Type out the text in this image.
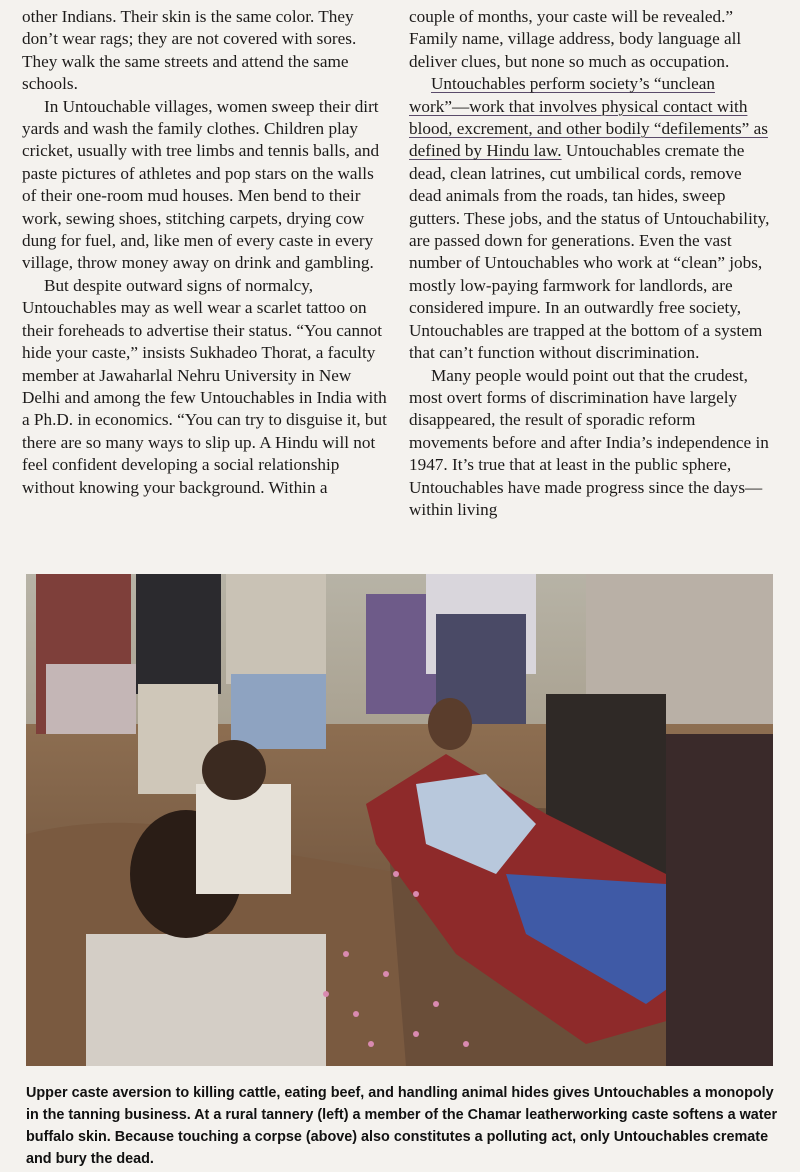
other Indians. Their skin is the same color. They don’t wear rags; they are not covered with sores. They walk the same streets and attend the same schools.

In Untouchable villages, women sweep their dirt yards and wash the family clothes. Children play cricket, usually with tree limbs and tennis balls, and paste pictures of athletes and pop stars on the walls of their one-room mud houses. Men bend to their work, sewing shoes, stitching carpets, drying cow dung for fuel, and, like men of every caste in every village, throw money away on drink and gambling.

But despite outward signs of normalcy, Untouchables may as well wear a scarlet tattoo on their foreheads to advertise their status. “You cannot hide your caste,” insists Sukhadeo Thorat, a faculty member at Jawaharlal Nehru University in New Delhi and among the few Untouchables in India with a Ph.D. in economics. “You can try to disguise it, but there are so many ways to slip up. A Hindu will not feel confident developing a social relationship without knowing your background. Within a

couple of months, your caste will be revealed.” Family name, village address, body language all deliver clues, but none so much as occupation.

Untouchables perform society’s “unclean work”—work that involves physical contact with blood, excrement, and other bodily “defilements” as defined by Hindu law. Untouchables cremate the dead, clean latrines, cut umbilical cords, remove dead animals from the roads, tan hides, sweep gutters. These jobs, and the status of Untouchability, are passed down for generations. Even the vast number of Untouchables who work at “clean” jobs, mostly low-paying farmwork for landlords, are considered impure. In an outwardly free society, Untouchables are trapped at the bottom of a system that can’t function without discrimination.

Many people would point out that the crudest, most overt forms of discrimination have largely disappeared, the result of sporadic reform movements before and after India’s independence in 1947. It’s true that at least in the public sphere, Untouchables have made progress since the days—within living

Upper caste aversion to killing cattle, eating beef, and handling animal hides gives Untouchables a monopoly in the tanning business. At a rural tannery (left) a member of the Chamar leatherworking caste softens a water buffalo skin. Because touching a corpse (above) also constitutes a polluting act, only Untouchables cremate and bury the dead.
